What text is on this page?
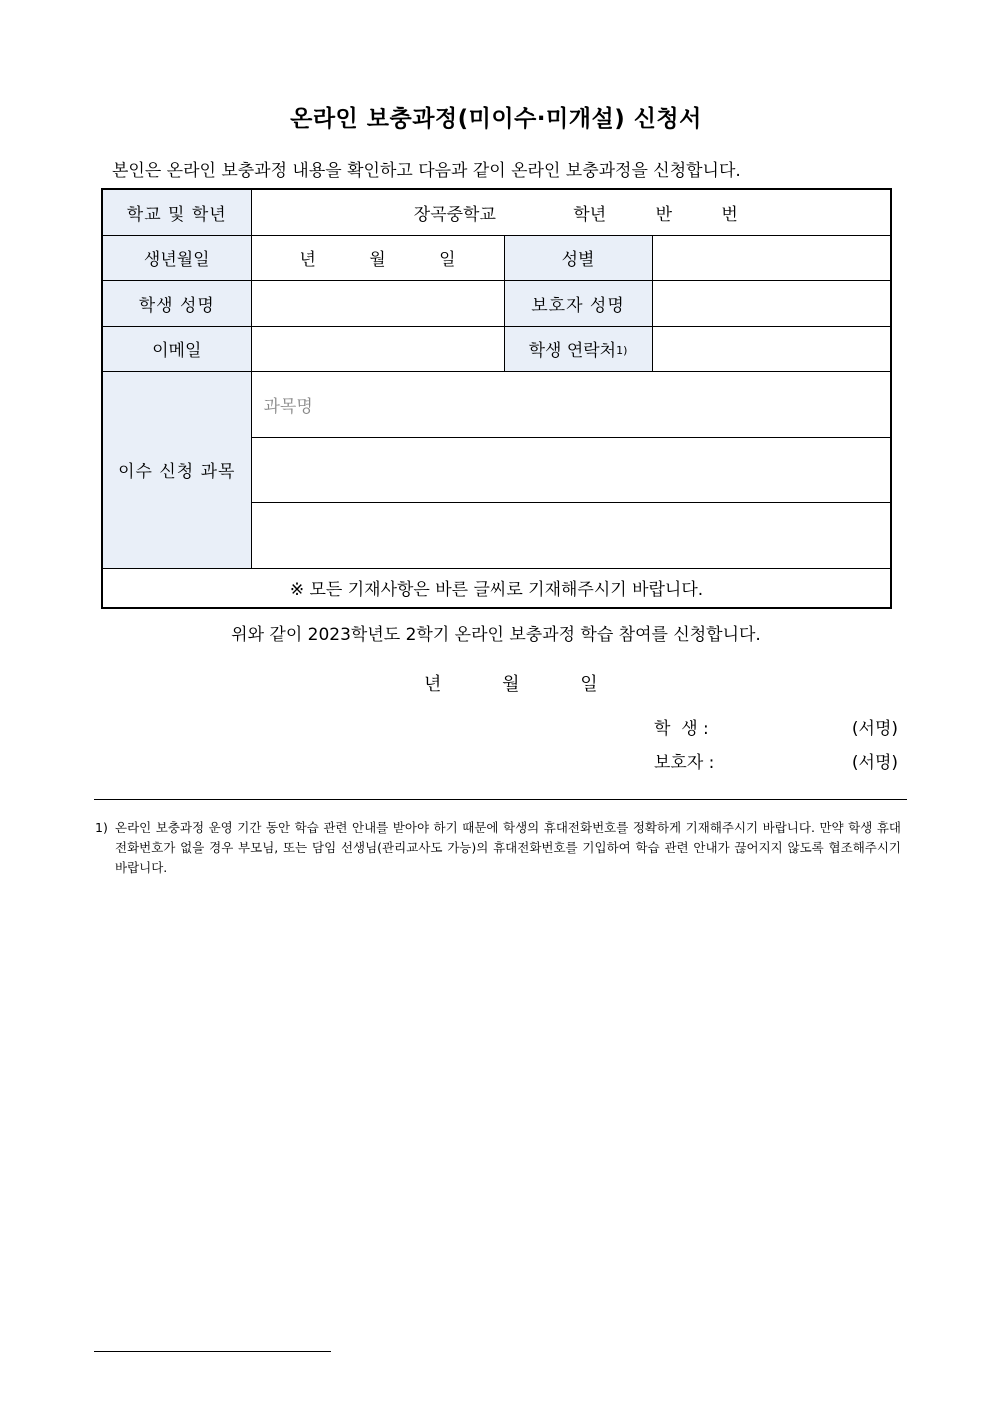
온라인 보충과정(미이수·미개설) 신청서
본인은 온라인 보충과정 내용을 확인하고 다음과 같이 온라인 보충과정을 신청합니다.
학교 및 학년	장곡중학교 학년 반 번		
생년월일	년 월 일	성별	
학생 성명		보호자 성명	
이메일		학생 연락처$^{1)}$	
이수 신청 과목	과목명		

※ 모든 기재사항은 바른 글씨로 기재해주시기 바랍니다.			
위와 같이 2023학년도 2학기 온라인 보충과정 학습 참여를 신청합니다.
년	월	일
학  생 :	(서명)
보호자 :	(서명)
1) 온라인 보충과정 운영 기간 동안 학습 관련 안내를 받아야 하기 때문에 학생의 휴대전화번호를 정확하게 기재해주시기 바랍니다. 만약 학생 휴대전화번호가 없을 경우 부모님, 또는 담임 선생님(관리교사도 가능)의 휴대전화번호를 기입하여 학습 관련 안내가 끊어지지 않도록 협조해주시기 바랍니다.
